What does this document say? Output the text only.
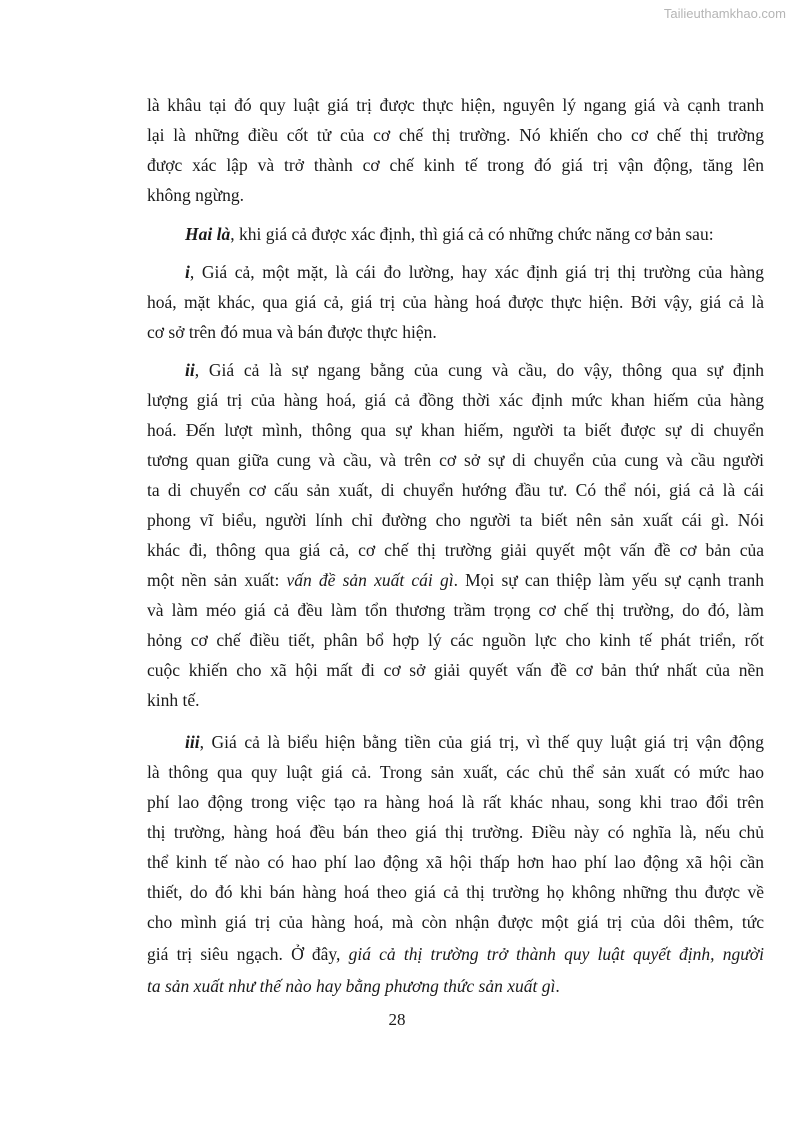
Tailieuthamkhao.com
là khâu tại đó quy luật giá trị được thực hiện, nguyên lý ngang giá và cạnh tranh
lại là những điều cốt tử của cơ chế thị trường. Nó khiến cho cơ chế thị trường
được xác lập và trở thành cơ chế kinh tế trong đó giá trị vận động, tăng lên
không ngừng.
Hai là, khi giá cả được xác định, thì giá cả có những chức năng cơ bản sau:
i, Giá cả, một mặt, là cái đo lường, hay xác định giá trị thị trường của hàng
hoá, mặt khác, qua giá cả, giá trị của hàng hoá được thực hiện. Bởi vậy, giá cả là
cơ sở trên đó mua và bán được thực hiện.
ii, Giá cả là sự ngang bằng của cung và cầu, do vậy, thông qua sự định
lượng giá trị của hàng hoá, giá cả đồng thời xác định mức khan hiếm của hàng
hoá. Đến lượt mình, thông qua sự khan hiếm, người ta biết được sự di chuyển
tương quan giữa cung và cầu, và trên cơ sở sự di chuyển của cung và cầu người
ta di chuyển cơ cấu sản xuất, di chuyển hướng đầu tư. Có thể nói, giá cả là cái
phong vĩ biểu, người lính chỉ đường cho người ta biết nên sản xuất cái gì. Nói
khác đi, thông qua giá cả, cơ chế thị trường giải quyết một vấn đề cơ bản của
một nền sản xuất: vấn đề sản xuất cái gì. Mọi sự can thiệp làm yếu sự cạnh tranh
và làm méo giá cả đều làm tổn thương trầm trọng cơ chế thị trường, do đó, làm
hỏng cơ chế điều tiết, phân bổ hợp lý các nguồn lực cho kinh tế phát triển, rốt
cuộc khiến cho xã hội mất đi cơ sở giải quyết vấn đề cơ bản thứ nhất của nền
kinh tế.
iii, Giá cả là biểu hiện bằng tiền của giá trị, vì thế quy luật giá trị vận động
là thông qua quy luật giá cả. Trong sản xuất, các chủ thể sản xuất có mức hao
phí lao động trong việc tạo ra hàng hoá là rất khác nhau, song khi trao đổi trên
thị trường, hàng hoá đều bán theo giá thị trường. Điều này có nghĩa là, nếu chủ
thể kinh tế nào có hao phí lao động xã hội thấp hơn hao phí lao động xã hội cần
thiết, do đó khi bán hàng hoá theo giá cả thị trường họ không những thu được về
cho mình giá trị của hàng hoá, mà còn nhận được một giá trị của dôi thêm, tức
giá trị siêu ngạch. Ở đây, giá cả thị trường trở thành quy luật quyết định, người
ta sản xuất như thế nào hay bằng phương thức sản xuất gì.
28
